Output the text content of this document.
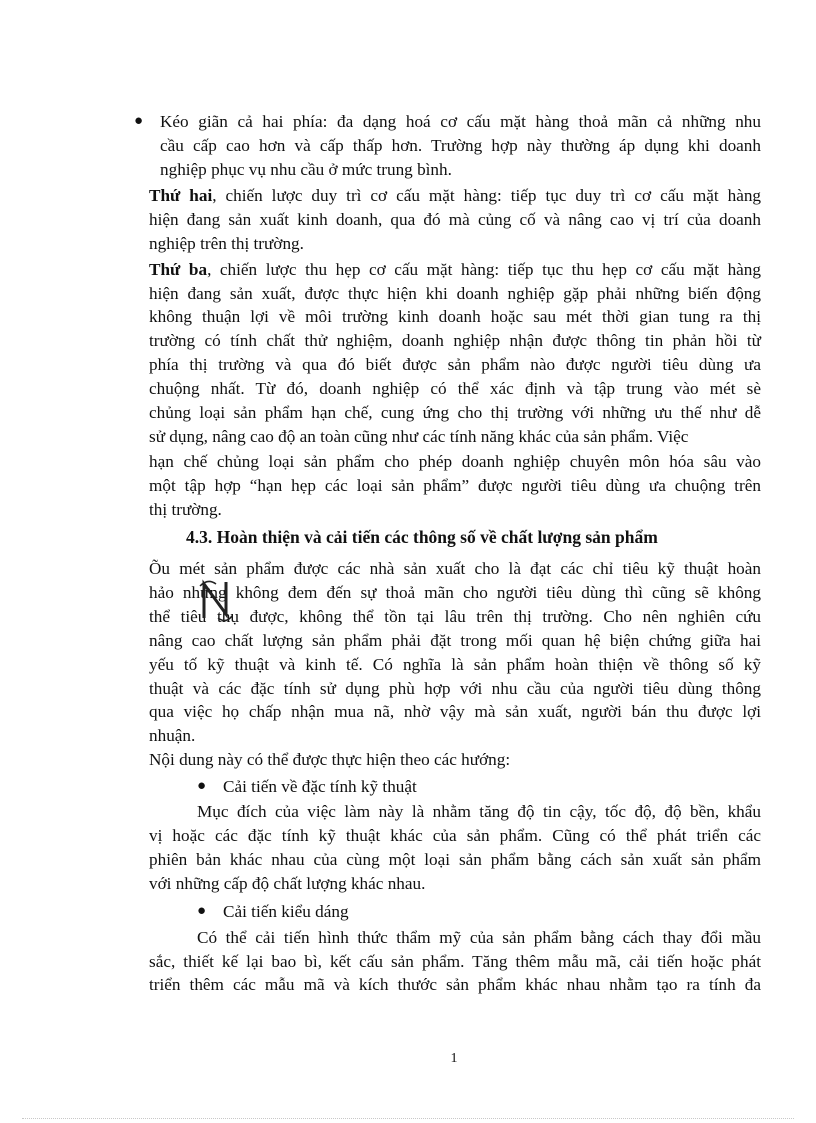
● Kéo giãn cả hai phía: đa dạng hoá cơ cấu mặt hàng thoả mãn cả những nhu
cầu cấp cao hơn và cấp thấp hơn. Trường hợp này thường áp dụng khi doanh
nghiệp phục vụ nhu cầu ở mức trung bình.
Thứ hai, chiến lược duy trì cơ cấu mặt hàng: tiếp tục duy trì cơ cấu mặt hàng
hiện đang sản xuất kinh doanh, qua đó mà củng cố và nâng cao vị trí của doanh
nghiệp trên thị trường.
Thứ ba, chiến lược thu hẹp cơ cấu mặt hàng: tiếp tục thu hẹp cơ cấu mặt hàng
hiện đang sản xuất, được thực hiện khi doanh nghiệp gặp phải những biến động
không thuận lợi về môi trường kinh doanh hoặc sau mét thời gian tung ra thị
trường có tính chất thử nghiệm, doanh nghiệp nhận được thông tin phản hồi từ
phía thị trường và qua đó biết được sản phẩm nào được người tiêu dùng ưa
chuộng nhất. Từ đó, doanh nghiệp có thể xác định và tập trung vào mét sè
chủng loại sản phẩm hạn chế, cung ứng cho thị trường với những ưu thế như dễ
sử dụng, nâng cao độ an toàn cũng như các tính năng khác của sản phẩm. Việc
hạn chế chủng loại sản phẩm cho phép doanh nghiệp chuyên môn hóa sâu vào
một tập hợp “hạn hẹp các loại sản phẩm” được người tiêu dùng ưa chuộng trên
thị trường.
4.3. Hoàn thiện và cải tiến các thông số về chất lượng sản phẩm
Õu mét sản phẩm được các nhà sản xuất cho là đạt các chỉ tiêu kỹ thuật hoàn
hảo nhưng không đem đến sự thoả mãn cho người tiêu dùng thì cũng sẽ không
thể tiêu thụ được, không thể tồn tại lâu trên thị trường. Cho nên nghiên cứu
nâng cao chất lượng sản phẩm phải đặt trong mối quan hệ biện chứng giữa hai
yếu tố kỹ thuật và kinh tế. Có nghĩa là sản phẩm hoàn thiện về thông số kỹ
thuật và các đặc tính sử dụng phù hợp với nhu cầu của người tiêu dùng thông
qua việc họ chấp nhận mua nã, nhờ vậy mà sản xuất, người bán thu được lợi
nhuận.
Nội dung này có thể được thực hiện theo các hướng:
● Cải tiến về đặc tính kỹ thuật
Mục đích của việc làm này là nhằm tăng độ tin cậy, tốc độ, độ bền, khẩu
vị hoặc các đặc tính kỹ thuật khác của sản phẩm. Cũng có thể phát triển các
phiên bản khác nhau của cùng một loại sản phẩm bằng cách sản xuất sản phẩm
với những cấp độ chất lượng khác nhau.
● Cải tiến kiểu dáng
Có thể cải tiến hình thức thẩm mỹ của sản phẩm bằng cách thay đổi mầu
sắc, thiết kế lại bao bì, kết cấu sản phẩm. Tăng thêm mẫu mã, cải tiến hoặc phát
triển thêm các mẫu mã và kích thước sản phẩm khác nhau nhằm tạo ra tính đa
1
